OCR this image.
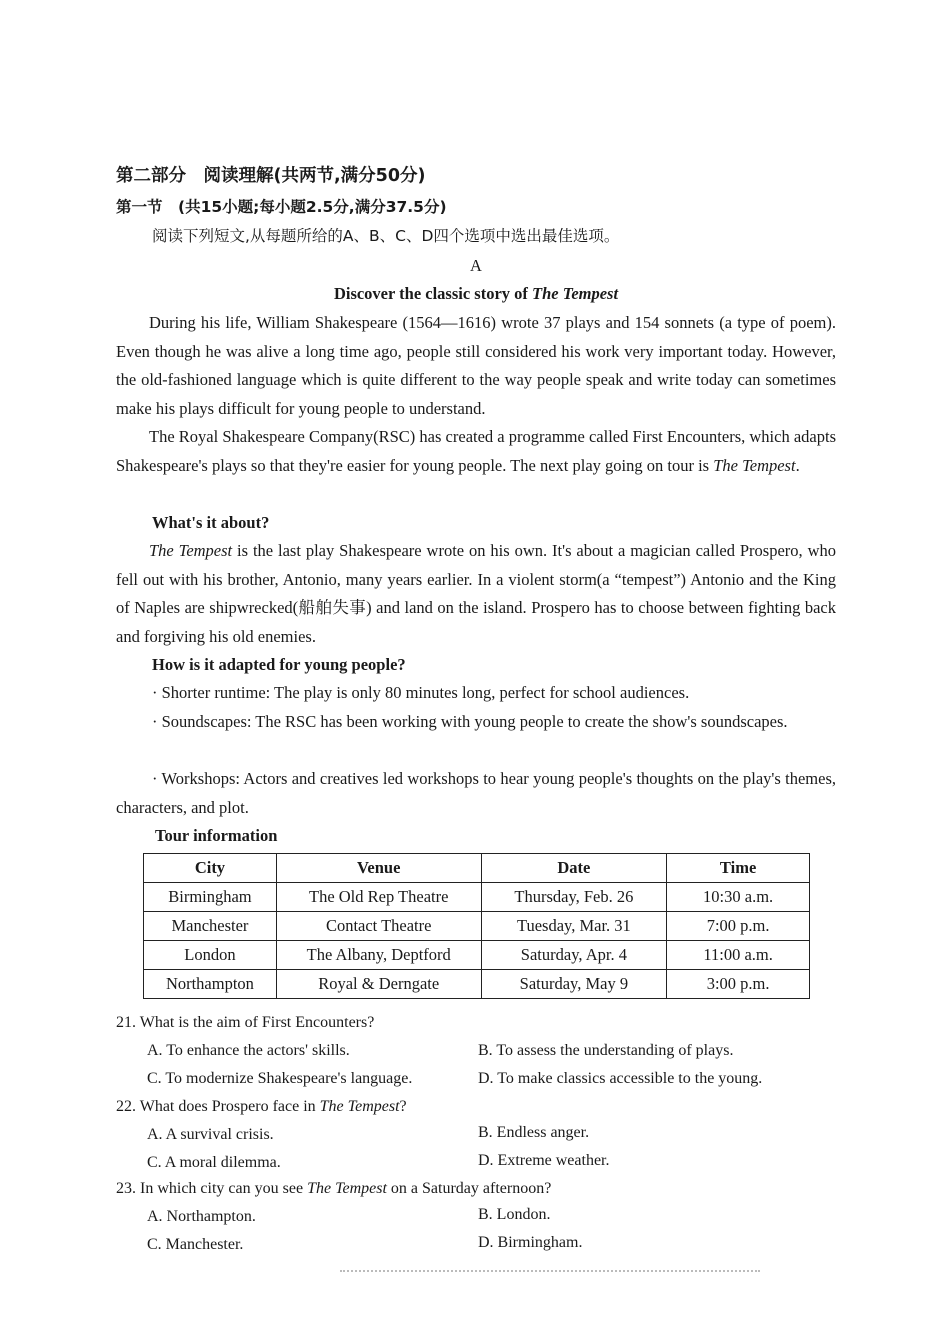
第二部分　阅读理解(共两节,满分50分)
第一节　(共15小题;每小题2.5分,满分37.5分)
阅读下列短文,从每题所给的A、B、C、D四个选项中选出最佳选项。
A
Discover the classic story of The Tempest

During his life, William Shakespeare (1564—1616) wrote 37 plays and 154 sonnets (a type of poem). Even though he was alive a long time ago, people still considered his work very important today. However, the old-fashioned language which is quite different to the way people speak and write today can sometimes make his plays difficult for young people to understand.

The Royal Shakespeare Company(RSC) has created a programme called First Encounters, which adapts Shakespeare's plays so that they're easier for young people. The next play going on tour is The Tempest.

What's it about?

The Tempest is the last play Shakespeare wrote on his own. It's about a magician called Prospero, who fell out with his brother, Antonio, many years earlier. In a violent storm(a “tempest”) Antonio and the King of Naples are shipwrecked(船舶失事) and land on the island. Prospero has to choose between fighting back and forgiving his old enemies.

How is it adapted for young people?

· Shorter runtime: The play is only 80 minutes long, perfect for school audiences.

· Soundscapes: The RSC has been working with young people to create the show's soundscapes.

· Workshops: Actors and creatives led workshops to hear young people's thoughts on the play's themes, characters, and plot.

Tour information
City	Venue	Date	Time
Birmingham	The Old Rep Theatre	Thursday, Feb. 26	10:30 a.m.
Manchester	Contact Theatre	Tuesday, Mar. 31	7:00 p.m.
London	The Albany, Deptford	Saturday, Apr. 4	11:00 a.m.
Northampton	Royal & Derngate	Saturday, May 9	3:00 p.m.
21. What is the aim of First Encounters?
A. To enhance the actors' skills.	B. To assess the understanding of plays.
C. To modernize Shakespeare's language.	D. To make classics accessible to the young.
22. What does Prospero face in The Tempest?
A. A survival crisis.	B. Endless anger.
C. A moral dilemma.	D. Extreme weather.
23. In which city can you see The Tempest on a Saturday afternoon?
A. Northampton.	B. London.
C. Manchester.	D. Birmingham.
